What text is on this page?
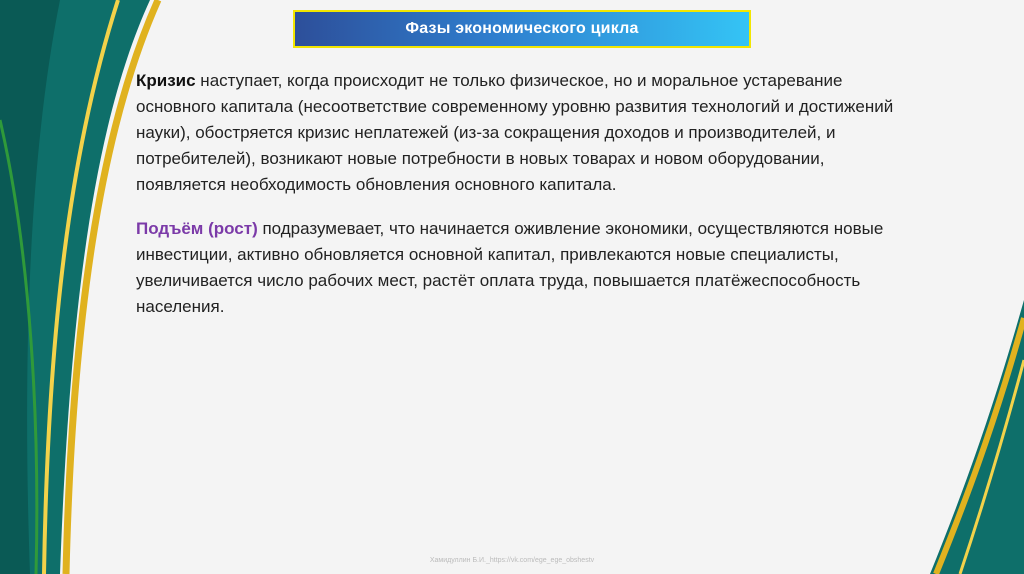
Фазы экономического цикла

Кризис наступает, когда происходит не только физическое, но и моральное устаревание основного капитала (несоответствие современному уровню развития технологий и достижений науки), обостряется кризис неплатежей (из-за сокращения доходов и производителей, и потребителей), возникают новые потребности в новых товарах и новом оборудовании, появляется необходимость обновления основного капитала.

Подъём (рост) подразумевает, что начинается оживление экономики, осуществляются новые инвестиции, активно обновляется основной капитал, привлекаются новые специалисты, увеличивается число рабочих мест, растёт оплата труда, повышается платёжеспособность населения.

Хамидуллин Б.И._https://vk.com/ege_ege_obshestv
